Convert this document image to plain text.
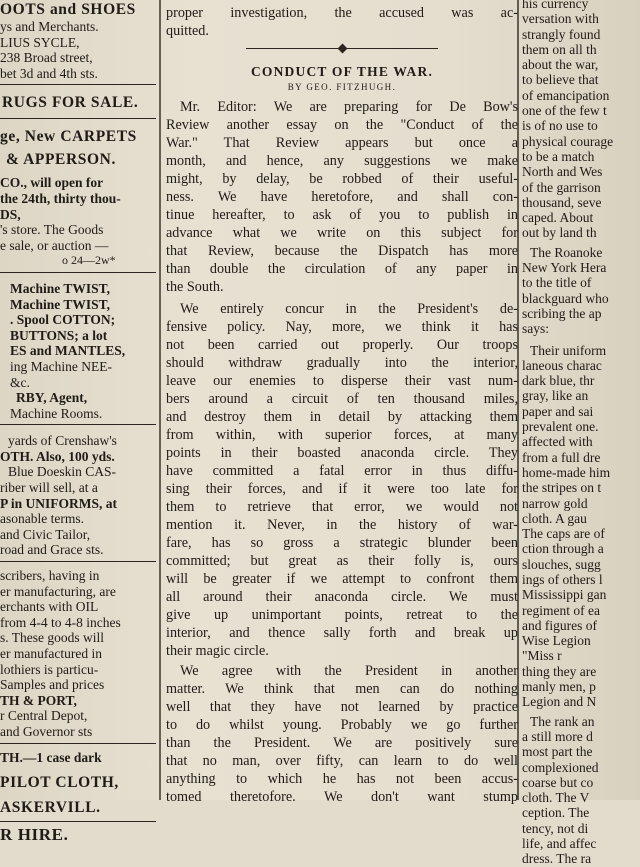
OOTS and SHOES
ys and Merchants.
LIUS SYCLE,
238 Broad street,
bet 3d and 4th sts.
RUGS FOR SALE.
ge, New CARPETS
& APPERSON.
CO., will open for
the 24th, thirty thou-
DS,
's store. The Goods
e sale, or auction —
o 24—2w*
Machine TWIST,
Machine TWIST,
. Spool COTTON;
BUTTONS; a lot
ES and MANTLES,
ing Machine NEE-
&c.
RBY, Agent,
Machine Rooms.
yards of Crenshaw's
OTH. Also, 100 yds.
Blue Doeskin CAS-
riber will sell, at a
P in UNIFORMS, at
asonable terms.
and Civic Tailor,
road and Grace sts.
scribers, having in
er manufacturing, are
erchants with OIL
from 4-4 to 4-8 inches
s. These goods will
er manufactured in
lothiers is particu-
Samples and prices
TH & PORT,
r Central Depot,
and Governor sts
TH.—1 case dark
PILOT CLOTH,
ASKERVILL.
R HIRE.
proper investigation, the accused was ac-
quitted.
CONDUCT OF THE WAR.
BY GEO. FITZHUGH.
Mr. Editor: We are preparing for De Bow's
Review another essay on the "Conduct of the
War." That Review appears but once a
month, and hence, any suggestions we make
might, by delay, be robbed of their useful-
ness. We have heretofore, and shall con-
tinue hereafter, to ask of you to publish in
advance what we write on this subject for
that Review, because the Dispatch has more
than double the circulation of any paper in
the South.
We entirely concur in the President's de-
fensive policy. Nay, more, we think it has
not been carried out properly. Our troops
should withdraw gradually into the interior,
leave our enemies to disperse their vast num-
bers around a circuit of ten thousand miles,
and destroy them in detail by attacking them
from within, with superior forces, at many
points in their boasted anaconda circle. They
have committed a fatal error in thus diffu-
sing their forces, and if it were too late for
them to retrieve that error, we would not
mention it. Never, in the history of war-
fare, has so gross a strategic blunder been
committed; but great as their folly is, ours
will be greater if we attempt to confront them
all around their anaconda circle. We must
give up unimportant points, retreat to the
interior, and thence sally forth and break up
their magic circle.
We agree with the President in another
matter. We think that men can do nothing
well that they have not learned by practice
to do whilst young. Probably we go further
than the President. We are positively sure
that no man, over fifty, can learn to do well
anything to which he has not been accus-
tomed theretofore. We don't want stump
his currency
versation with
strangly found
them on all th
about the war,
to believe that
of emancipation
one of the few t
is of no use to
physical courage
to be a match
North and Wes
of the garrison
thousand, seve
caped. About
out by land th
The Roanoke
New York Hera
to the title of
blackguard who
scribing the ap
says:
Their uniform
laneous charac
dark blue, thr
gray, like an
paper and sai
prevalent one.
affected with
from a full dre
home-made him
the stripes on t
narrow gold
cloth. A gau
The caps are of
ction through a
slouches, sugg
ings of others l
Mississippi gan
regiment of ea
and figures of
Wise Legion
"Miss r
thing they are
manly men, p
Legion and N
The rank an
a still more d
most part the
complexioned
coarse but co
cloth. The V
ception. The
tency, not di
life, and affec
dress. The ra
